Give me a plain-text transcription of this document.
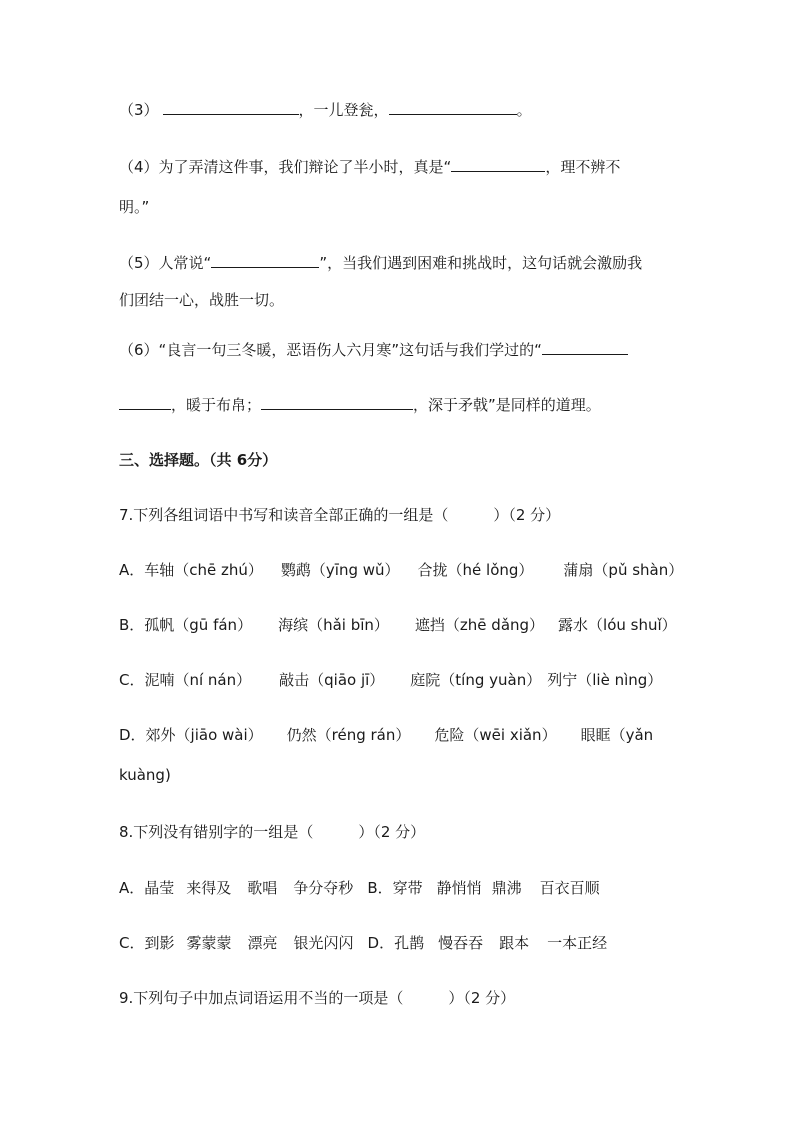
（3）	，一儿登瓮，	。
（4）为了弄清这件事，我们辩论了半小时，真是“	，理不辨不
明。”
（5）人常说“	”，当我们遇到困难和挑战时，这句话就会激励我
们团结一心，战胜一切。
（6）“良言一句三冬暖，恶语伤人六月寒”这句话与我们学过的“
，暖于布帛；	，深于矛戟”是同样的道理。
三、选择题。（共 6分）
7.下列各组词语中书写和读音全部正确的一组是（　　　）（2 分）
A．车轴（chē zhú） 鹦鹉（yīng wǔ） 合拢（hé lǒng） 蒲扇（pǔ shàn）
B．孤帆（gū fán） 海缤（hǎi bīn） 遮挡（zhē dǎng） 露水（lóu shuǐ）
C．泥喃（ní nán） 敲击（qiāo jī） 庭院（tíng yuàn） 列宁（liè nìng）
D．郊外（jiāo wài） 仍然（réng rán） 危险（wēi xiǎn） 眼眶（yǎn
kuàng)
8.下列没有错别字的一组是（　　　）（2 分）
A．晶莹 来得及 歌唱 争分夺秒 B．穿带 静悄悄 鼎沸 百衣百顺
C．到影 雾蒙蒙 漂亮 银光闪闪 D．孔鹊 慢吞吞 跟本 一本正经
9.下列句子中加点词语运用不当的一项是（　　　）（2 分）
